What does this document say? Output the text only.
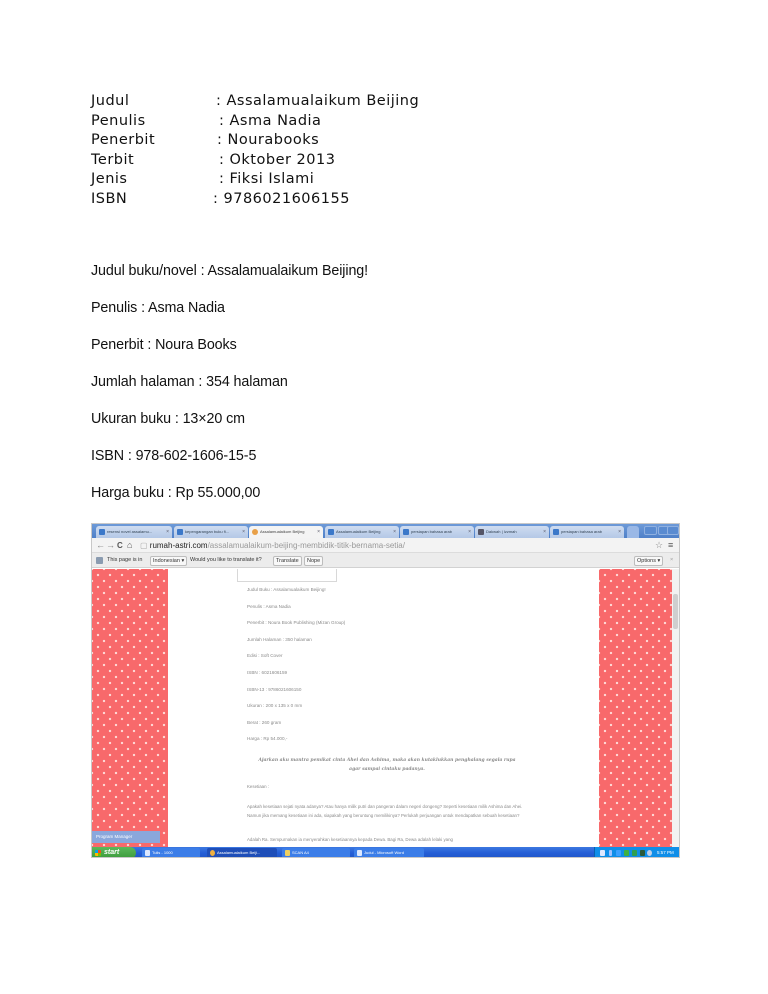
Judul	: Assalamualaikum Beijing
Penulis	: Asma Nadia
Penerbit	: Nourabooks
Terbit	: Oktober 2013
Jenis	: Fiksi Islami
ISBN	: 9786021606155
Judul buku/novel : Assalamualaikum Beijing!
Penulis : Asma Nadia
Penerbit : Noura Books
Jumlah halaman : 354 halaman
Ukuran buku : 13×20 cm
ISBN : 978-602-1606-15-5
Harga buku : Rp 55.000,00
resensi novel assalamu...	×	kepengarangan buku fi...	×	Assalamualaikum Beijing	×	Assalamualaikum Beijing	×	persiapan bahasa arab	×	Dakwah | Izzmah	×	persiapan bahasa arab	×
← → C ⌂ ▢ rumah-astri.com/assalamualaikum-beijing-membidik-titik-bernama-setia/	☆ ≡
This page is in	Indonesian ▾	Would you like to translate it?	Translate	Nope	Options ▾	×
Judul Buku : Assalamualaikum Beijing!
Penulis : Asma Nadia
Penerbit : Noura Book Publishing (Mizan Group)
Jumlah Halaman : 350 halaman
Edisi : Soft Cover
ISBN : 6021606159
ISBN-13 : 9786021606150
Ukuran : 200 x 135 x 0 mm
Berat : 260 gram
Harga : Rp 54.000,-
Ajarkan aku mantra pemikat cinta Ahei dan Ashima, maka akan kutaklukkan penghalang segala rupa agar sampai cintaku padanya.
Kesetiaan :
Apakah kesetiaan sejati nyata adanya? Atau hanya milik putri dan pangeran dalam negeri dongeng? Seperti kesetiaan milik Ashima dan Ahei. Namun jika memang kesetiaan ini ada, siapakah yang beruntung memilikinya? Perlukah perjuangan untuk mendapatkan sebuah kesetiaan?
Adalah Ra. Sempurnakan ia menyerahkan kesetiaannya kepada Dewa. Bagi Ra, Dewa adalah lelaki yang
Program Manager
start	Tulis - 1000	Assalamualaikum Beiji...	SCAN A4	Judul - Microsoft Word	5:57 PM
